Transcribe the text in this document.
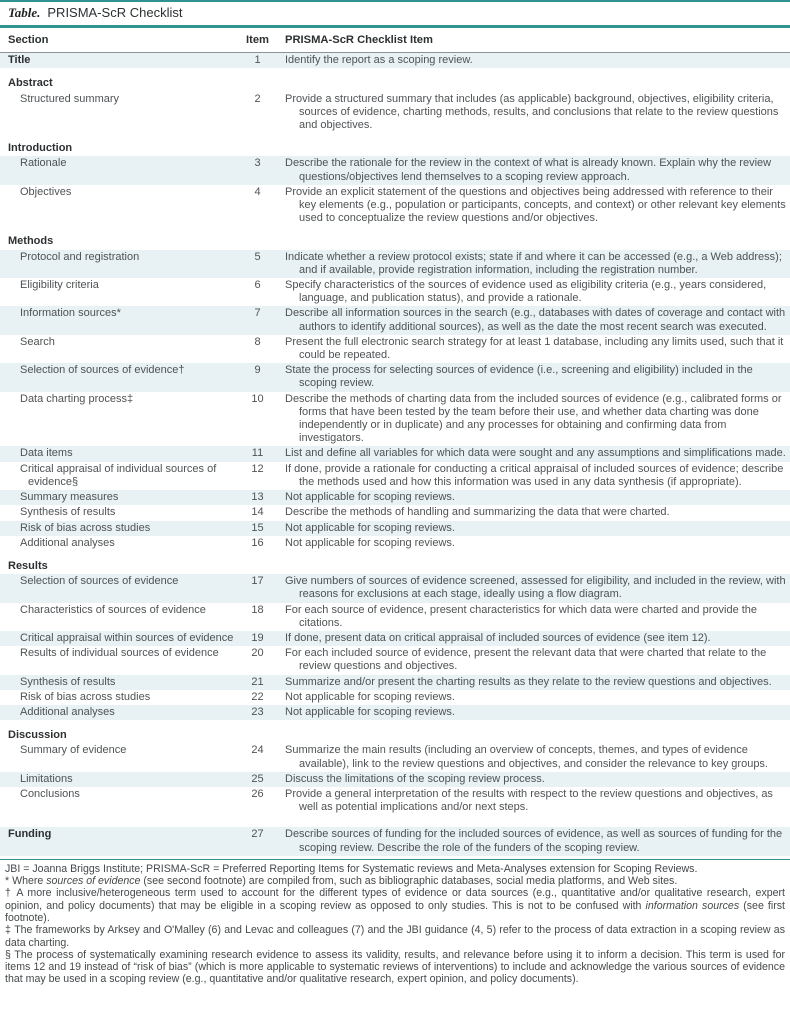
Table. PRISMA-ScR Checklist
Section	Item	PRISMA-ScR Checklist Item

Title	1	Identify the report as a scoping review.

Abstract		

Structured summary	2	Provide a structured summary that includes (as applicable) background, objectives, eligibility criteria, sources of evidence, charting methods, results, and conclusions that relate to the review questions and objectives.

Introduction		

Rationale	3	Describe the rationale for the review in the context of what is already known. Explain why the review questions/objectives lend themselves to a scoping review approach.

Objectives	4	Provide an explicit statement of the questions and objectives being addressed with reference to their key elements (e.g., population or participants, concepts, and context) or other relevant key elements used to conceptualize the review questions and/or objectives.

Methods		

Protocol and registration	5	Indicate whether a review protocol exists; state if and where it can be accessed (e.g., a Web address); and if available, provide registration information, including the registration number.

Eligibility criteria	6	Specify characteristics of the sources of evidence used as eligibility criteria (e.g., years considered, language, and publication status), and provide a rationale.

Information sources*	7	Describe all information sources in the search (e.g., databases with dates of coverage and contact with authors to identify additional sources), as well as the date the most recent search was executed.

Search	8	Present the full electronic search strategy for at least 1 database, including any limits used, such that it could be repeated.

Selection of sources of evidence†	9	State the process for selecting sources of evidence (i.e., screening and eligibility) included in the scoping review.

Data charting process‡	10	Describe the methods of charting data from the included sources of evidence (e.g., calibrated forms or forms that have been tested by the team before their use, and whether data charting was done independently or in duplicate) and any processes for obtaining and confirming data from investigators.

Data items	11	List and define all variables for which data were sought and any assumptions and simplifications made.

Critical appraisal of individual sources of evidence§	12	If done, provide a rationale for conducting a critical appraisal of included sources of evidence; describe the methods used and how this information was used in any data synthesis (if appropriate).

Summary measures	13	Not applicable for scoping reviews.

Synthesis of results	14	Describe the methods of handling and summarizing the data that were charted.

Risk of bias across studies	15	Not applicable for scoping reviews.

Additional analyses	16	Not applicable for scoping reviews.

Results		

Selection of sources of evidence	17	Give numbers of sources of evidence screened, assessed for eligibility, and included in the review, with reasons for exclusions at each stage, ideally using a flow diagram.

Characteristics of sources of evidence	18	For each source of evidence, present characteristics for which data were charted and provide the citations.

Critical appraisal within sources of evidence	19	If done, present data on critical appraisal of included sources of evidence (see item 12).

Results of individual sources of evidence	20	For each included source of evidence, present the relevant data that were charted that relate to the review questions and objectives.

Synthesis of results	21	Summarize and/or present the charting results as they relate to the review questions and objectives.

Risk of bias across studies	22	Not applicable for scoping reviews.

Additional analyses	23	Not applicable for scoping reviews.

Discussion		

Summary of evidence	24	Summarize the main results (including an overview of concepts, themes, and types of evidence available), link to the review questions and objectives, and consider the relevance to key groups.

Limitations	25	Discuss the limitations of the scoping review process.

Conclusions	26	Provide a general interpretation of the results with respect to the review questions and objectives, as well as potential implications and/or next steps.

Funding	27	Describe sources of funding for the included sources of evidence, as well as sources of funding for the scoping review. Describe the role of the funders of the scoping review.

JBI = Joanna Briggs Institute; PRISMA-ScR = Preferred Reporting Items for Systematic reviews and Meta-Analyses extension for Scoping Reviews.

* Where sources of evidence (see second footnote) are compiled from, such as bibliographic databases, social media platforms, and Web sites.

† A more inclusive/heterogeneous term used to account for the different types of evidence or data sources (e.g., quantitative and/or qualitative research, expert opinion, and policy documents) that may be eligible in a scoping review as opposed to only studies. This is not to be confused with information sources (see first footnote).

‡ The frameworks by Arksey and O'Malley (6) and Levac and colleagues (7) and the JBI guidance (4, 5) refer to the process of data extraction in a scoping review as data charting.

§ The process of systematically examining research evidence to assess its validity, results, and relevance before using it to inform a decision. This term is used for items 12 and 19 instead of “risk of bias” (which is more applicable to systematic reviews of interventions) to include and acknowledge the various sources of evidence that may be used in a scoping review (e.g., quantitative and/or qualitative research, expert opinion, and policy documents).
